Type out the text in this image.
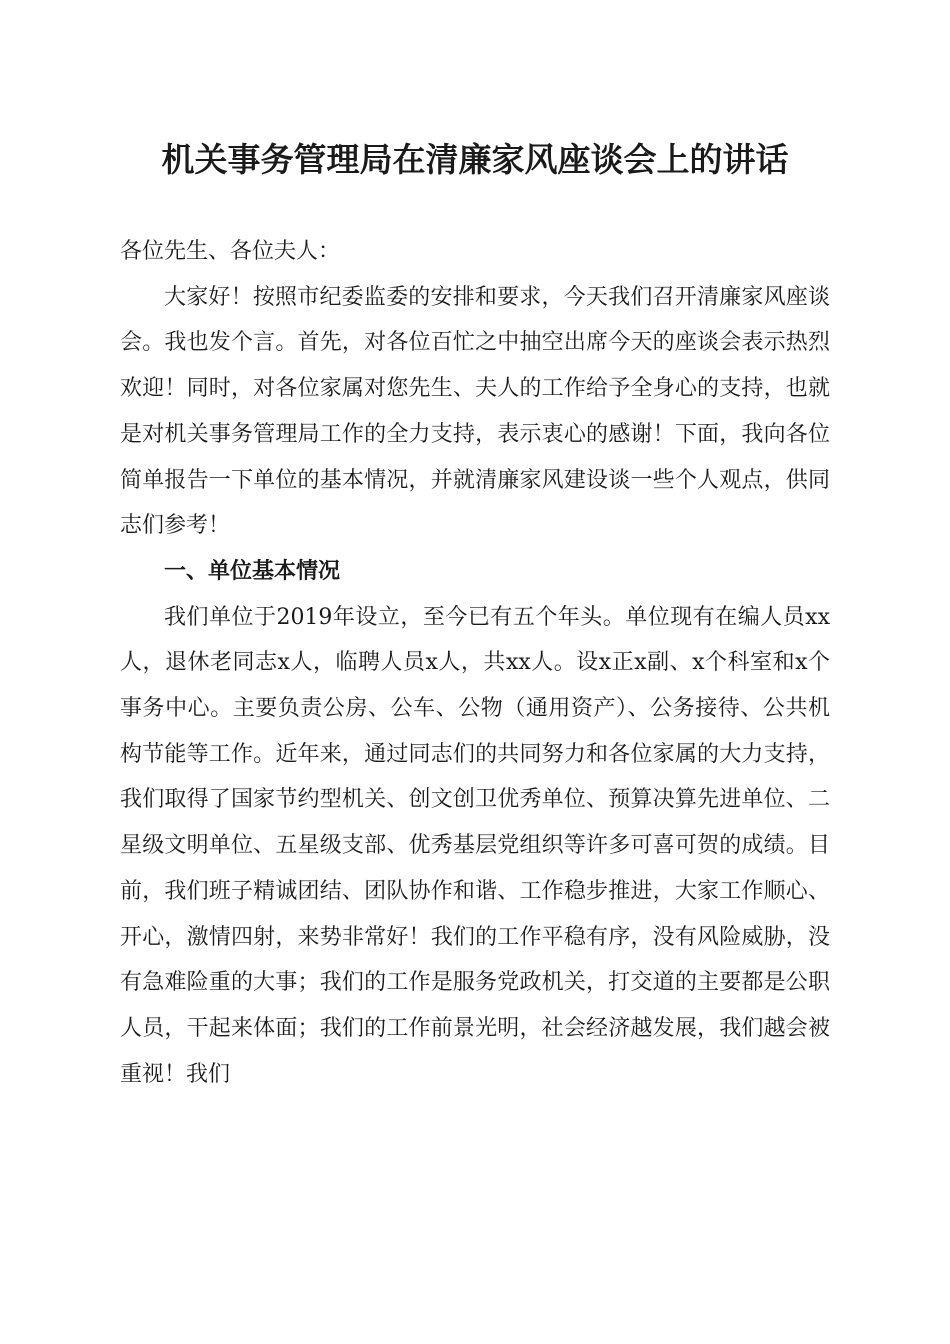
机关事务管理局在清廉家风座谈会上的讲话

各位先生、各位夫人：

大家好！按照市纪委监委的安排和要求，今天我们召开清廉家风座谈会。我也发个言。首先，对各位百忙之中抽空出席今天的座谈会表示热烈欢迎！同时，对各位家属对您先生、夫人的工作给予全身心的支持，也就是对机关事务管理局工作的全力支持，表示衷心的感谢！下面，我向各位简单报告一下单位的基本情况，并就清廉家风建设谈一些个人观点，供同志们参考！

一、单位基本情况

我们单位于2019年设立，至今已有五个年头。单位现有在编人员xx人，退休老同志x人，临聘人员x人，共xx人。设x正x副、x个科室和x个事务中心。主要负责公房、公车、公物（通用资产）、公务接待、公共机构节能等工作。近年来，通过同志们的共同努力和各位家属的大力支持，我们取得了国家节约型机关、创文创卫优秀单位、预算决算先进单位、二星级文明单位、五星级支部、优秀基层党组织等许多可喜可贺的成绩。目前，我们班子精诚团结、团队协作和谐、工作稳步推进，大家工作顺心、开心，激情四射，来势非常好！我们的工作平稳有序，没有风险威胁，没有急难险重的大事；我们的工作是服务党政机关，打交道的主要都是公职人员，干起来体面；我们的工作前景光明，社会经济越发展，我们越会被重视！我们
